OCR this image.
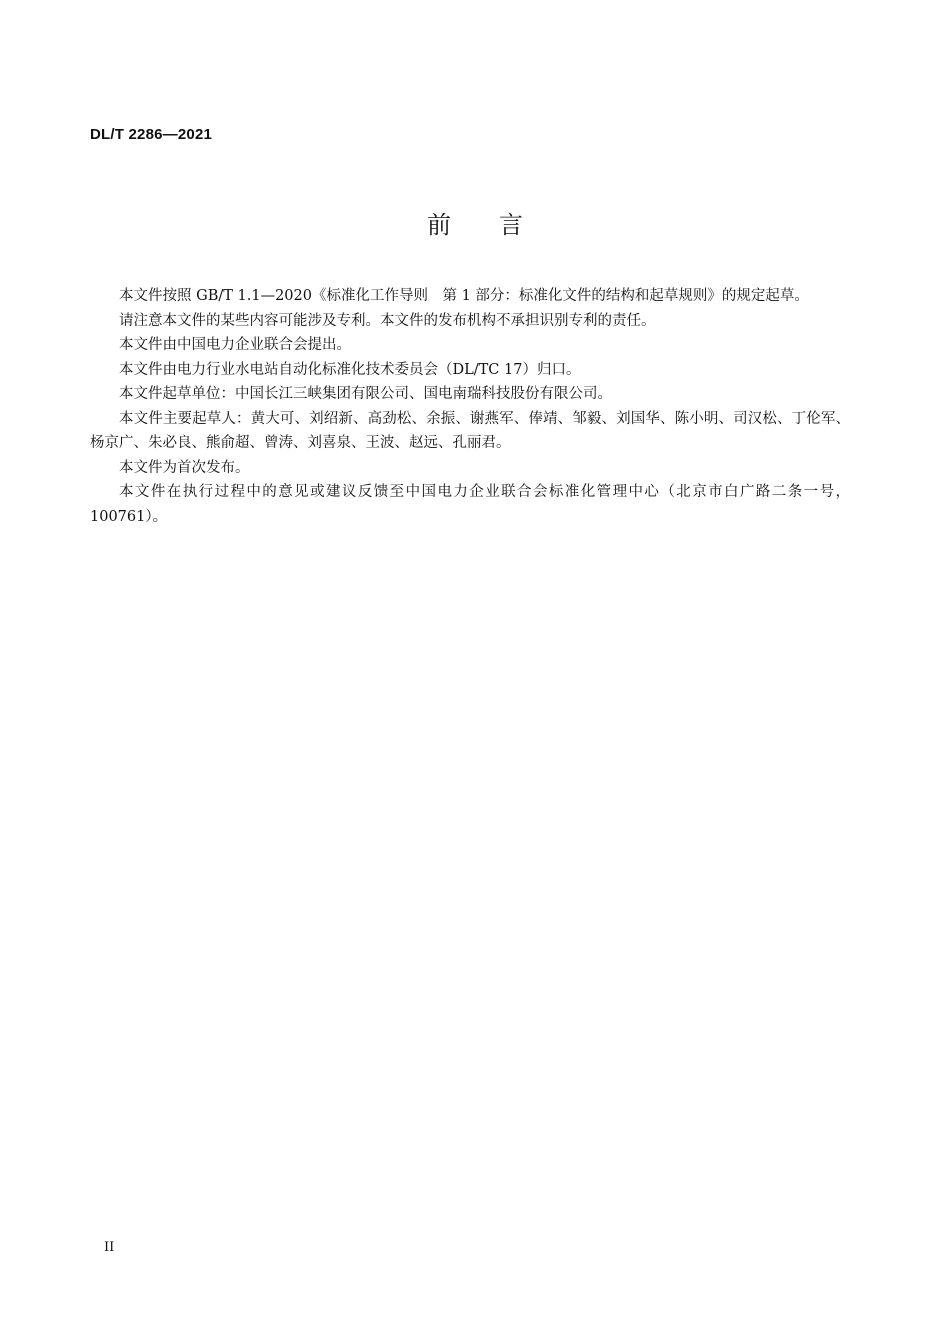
DL/T 2286—2021
前言

本文件按照 GB/T 1.1—2020《标准化工作导则　第 1 部分：标准化文件的结构和起草规则》的规定起草。

请注意本文件的某些内容可能涉及专利。本文件的发布机构不承担识别专利的责任。

本文件由中国电力企业联合会提出。

本文件由电力行业水电站自动化标准化技术委员会（DL/TC 17）归口。

本文件起草单位：中国长江三峡集团有限公司、国电南瑞科技股份有限公司。

本文件主要起草人：黄大可、刘绍新、高劲松、余振、谢燕军、俸靖、邹毅、刘国华、陈小明、司汉松、丁伦军、杨京广、朱必良、熊俞超、曾涛、刘喜泉、王波、赵远、孔丽君。

本文件为首次发布。

本文件在执行过程中的意见或建议反馈至中国电力企业联合会标准化管理中心（北京市白广路二条一号，100761）。

II
